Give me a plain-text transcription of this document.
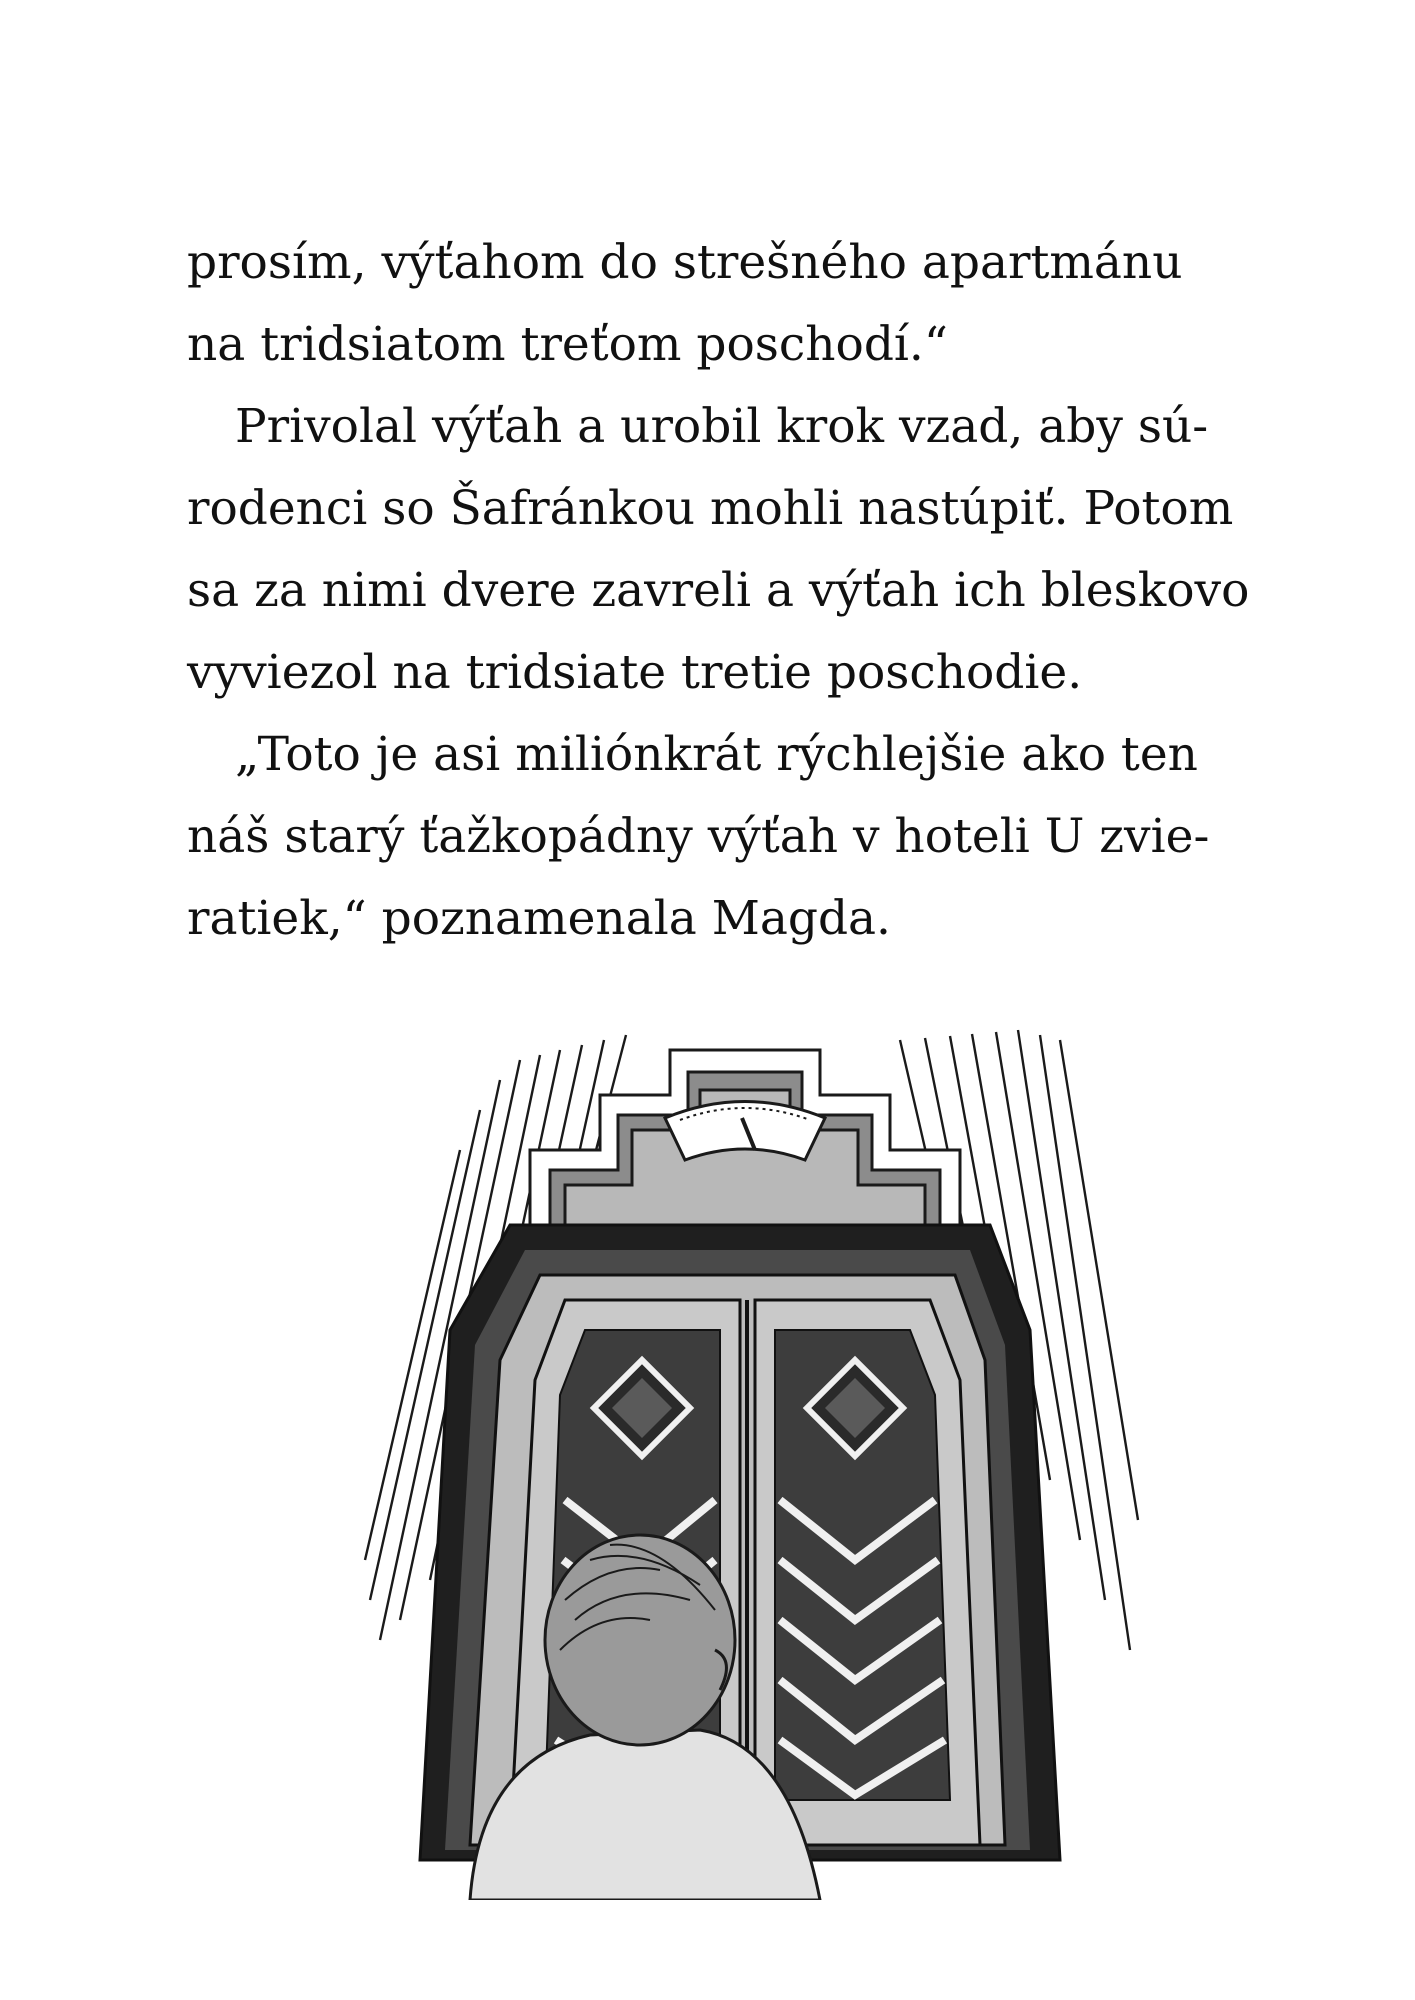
prosím, výťahom do strešného apartmánu
na tridsiatom treťom poschodí.“
Privolal výťah a urobil krok vzad, aby sú-
rodenci so Šafránkou mohli nastúpiť. Potom
sa za nimi dvere zavreli a výťah ich bleskovo
vyviezol na tridsiate tretie poschodie.
„Toto je asi miliónkrát rýchlejšie ako ten
náš starý ťažkopádny výťah v hoteli U zvie-
ratiek,“ poznamenala Magda.
